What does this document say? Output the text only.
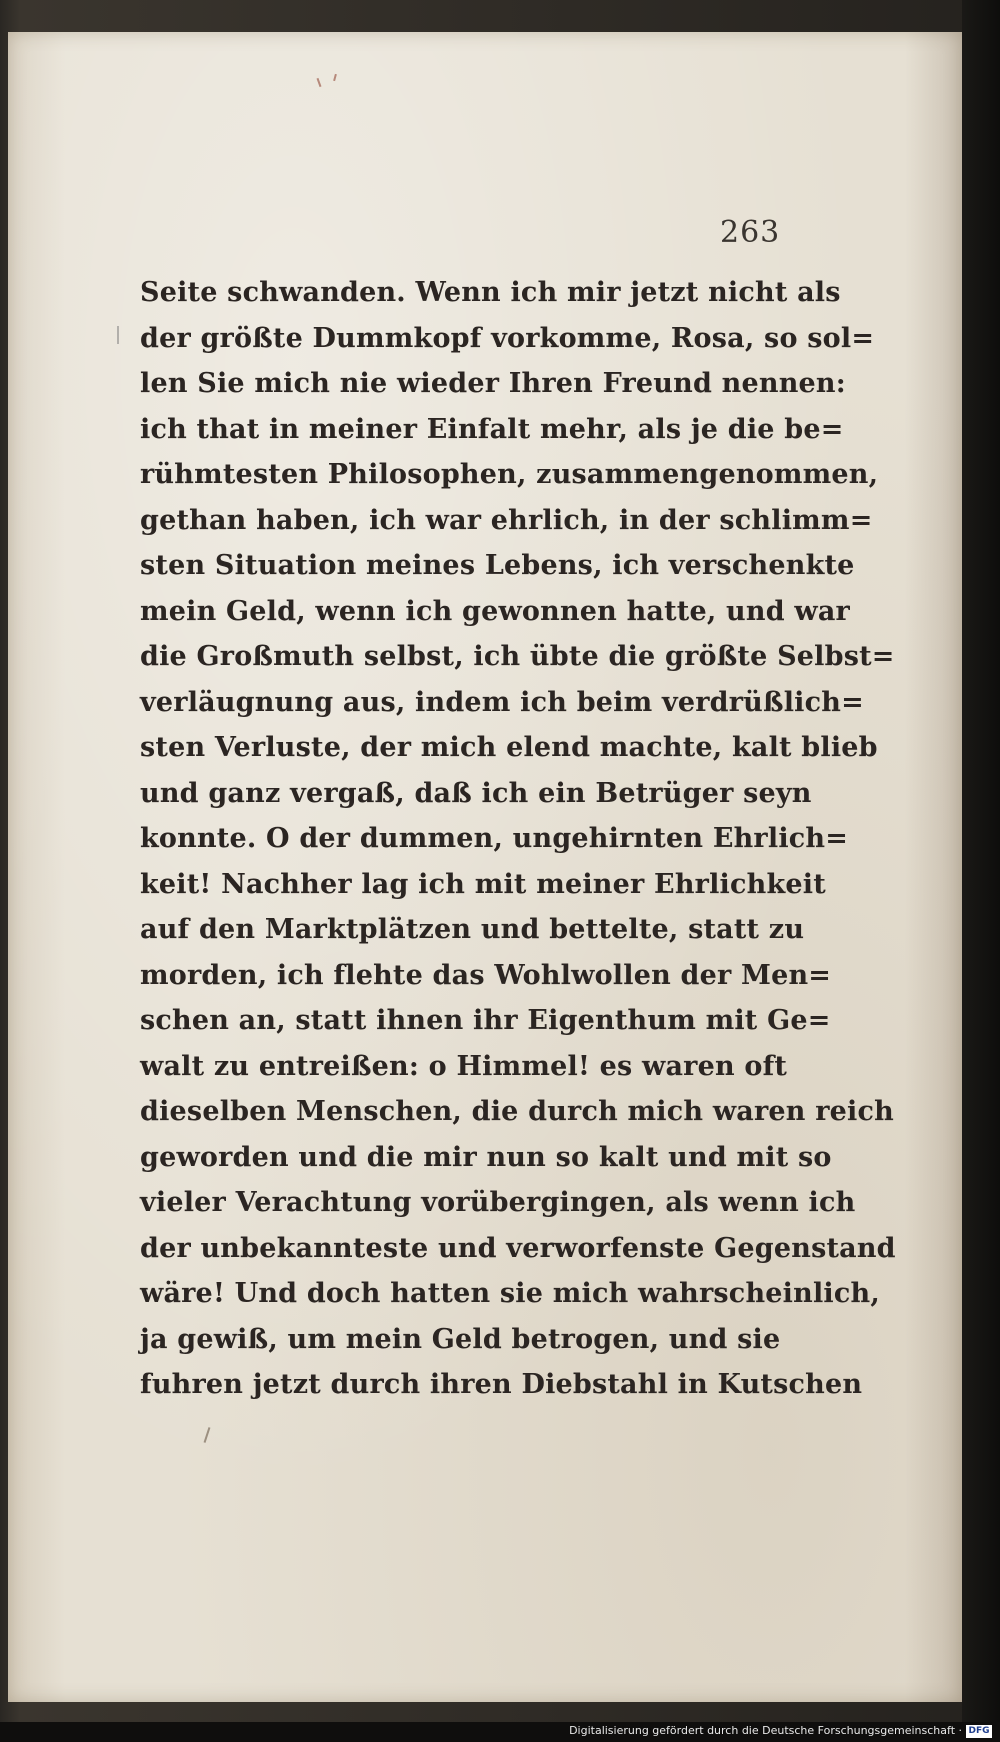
263
Seite schwanden. Wenn ich mir jetzt nicht als
der größte Dummkopf vorkomme, Rosa, so sol=
len Sie mich nie wieder Ihren Freund nennen:
ich that in meiner Einfalt mehr, als je die be=
rühmtesten Philosophen, zusammengenommen,
gethan haben, ich war ehrlich, in der schlimm=
sten Situation meines Lebens, ich verschenkte
mein Geld, wenn ich gewonnen hatte, und war
die Großmuth selbst, ich übte die größte Selbst=
verläugnung aus, indem ich beim verdrüßlich=
sten Verluste, der mich elend machte, kalt blieb
und ganz vergaß, daß ich ein Betrüger seyn
konnte. O der dummen, ungehirnten Ehrlich=
keit! Nachher lag ich mit meiner Ehrlichkeit
auf den Marktplätzen und bettelte, statt zu
morden, ich flehte das Wohlwollen der Men=
schen an, statt ihnen ihr Eigenthum mit Ge=
walt zu entreißen: o Himmel! es waren oft
dieselben Menschen, die durch mich waren reich
geworden und die mir nun so kalt und mit so
vieler Verachtung vorübergingen, als wenn ich
der unbekannteste und verworfenste Gegenstand
wäre! Und doch hatten sie mich wahrscheinlich,
ja gewiß, um mein Geld betrogen, und sie
fuhren jetzt durch ihren Diebstahl in Kutschen
Digitalisierung gefördert durch die Deutsche Forschungsgemeinschaft · DFG
